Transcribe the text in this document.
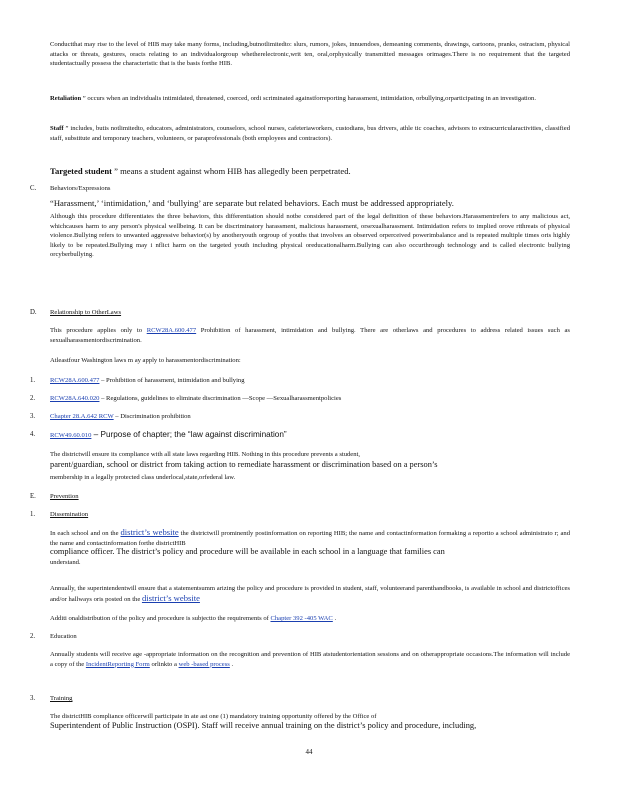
Conductthat may rise to the level of HIB may take many forms, including,butnotlimitedto: slurs, rumors, jokes, innuendoes, demeaning comments, drawings, cartoons, pranks, ostracism, physical attacks or threats, gestures, oracts relating to an individualorgroup whetherelectronic,writ ten, oral,orphysically transmitted messages orimages.There is no requirement that the targeted studentactually possess the characteristic that is the basis forthe HIB.

Retaliation ” occurs when an individualis intimidated, threatened, coerced, ordi scriminated againstforreporting harassment, intimidation, orbullying,orparticipating in an investigation.

Staff ” includes, butis notlimitedto, educators, administrators, counselors, school nurses, cafeteriaworkers, custodians, bus drivers, athle tic coaches, advisors to extracurricularactivities, classified staff, substitute and temporary teachers, volunteers, or paraprofessionals (both employees and contractors).

Targeted student ” means a student against whom HIB has allegedly been perpetrated.

C. Behaviors/Expressions

“Harassment,’ ‘intimidation,’ and ‘bullying’ are separate but related behaviors. Each must be addressed appropriately.

Although this procedure differentiates the three behaviors, this differentiation should notbe considered part of the legal definition of these behaviors.Harassmentrefers to any malicious act, whichcauses harm to any person's physical wellbeing. It can be discriminatory harassment, malicious harassment, orsexualharassment. Intimidation refers to implied orove rtthreats of physical violence.Bullying refers to unwanted aggressive behavior(s) by anotheryouth orgroup of youths that involves an observed orperceived powerimbalance and is repeated multiple times oris highly likely to be repeated.Bullying may i nflict harm on the targeted youth including physical oreducationalharm.Bullying can also occurthrough technology and is called electronic bullying orcyberbullying.

D. Relationship to OtherLaws

This procedure applies only to RCW28A.600.477 Prohibition of harassment, intimidation and bullying. There are otherlaws and procedures to address related issues such as sexualharassmentordiscrimination.

Atleastfour Washington laws m ay apply to harassmentordiscrimination:

1. RCW28A.600.477 – Prohibition of harassment, intimidation and bullying

2. RCW28A.640.020 – Regulations, guidelines to eliminate discrimination —Scope —Sexualharassmentpolicies

3. Chapter 28.A.642 RCW – Discrimination prohibition

4. RCW49.60.010 – Purpose of chapter; the “law against discrimination”

The districtwill ensure its compliance with all state laws regarding HIB. Nothing in this procedure prevents a student,

parent/guardian, school or district from taking action to remediate harassment or discrimination based on a person’s

membership in a legally protected class underlocal,state,orfederal law.

E. Prevention

1. Dissemination

In each school and on the district’s website the districtwill prominently postinformation on reporting HIB; the name and contactinformation formaking a reportto a school administrato r; and the name and contactinformation forthe districtHIB

compliance officer. The district’s policy and procedure will be available in each school in a language that families can

understand.

Annually, the superintendentwill ensure that a statementsumm arizing the policy and procedure is provided in student, staff, volunteerand parenthandbooks, is available in school and districtoffices and/or hallways oris posted on the district’s website

Additi onaldistribution of the policy and procedure is subjectto the requirements of Chapter 392 -405 WAC .

2. Education

Annually students will receive age -appropriate information on the recognition and prevention of HIB atstudentorientation sessions and on otherappropriate occasions.The information will include a copy of the IncidentReporting Form orlinkto a web -based process .

3. Training

The districtHIB compliance officerwill participate in ate ast one (1) mandatory training opportunity offered by the Office of

Superintendent of Public Instruction (OSPI). Staff will receive annual training on the district’s policy and procedure, including,

44
